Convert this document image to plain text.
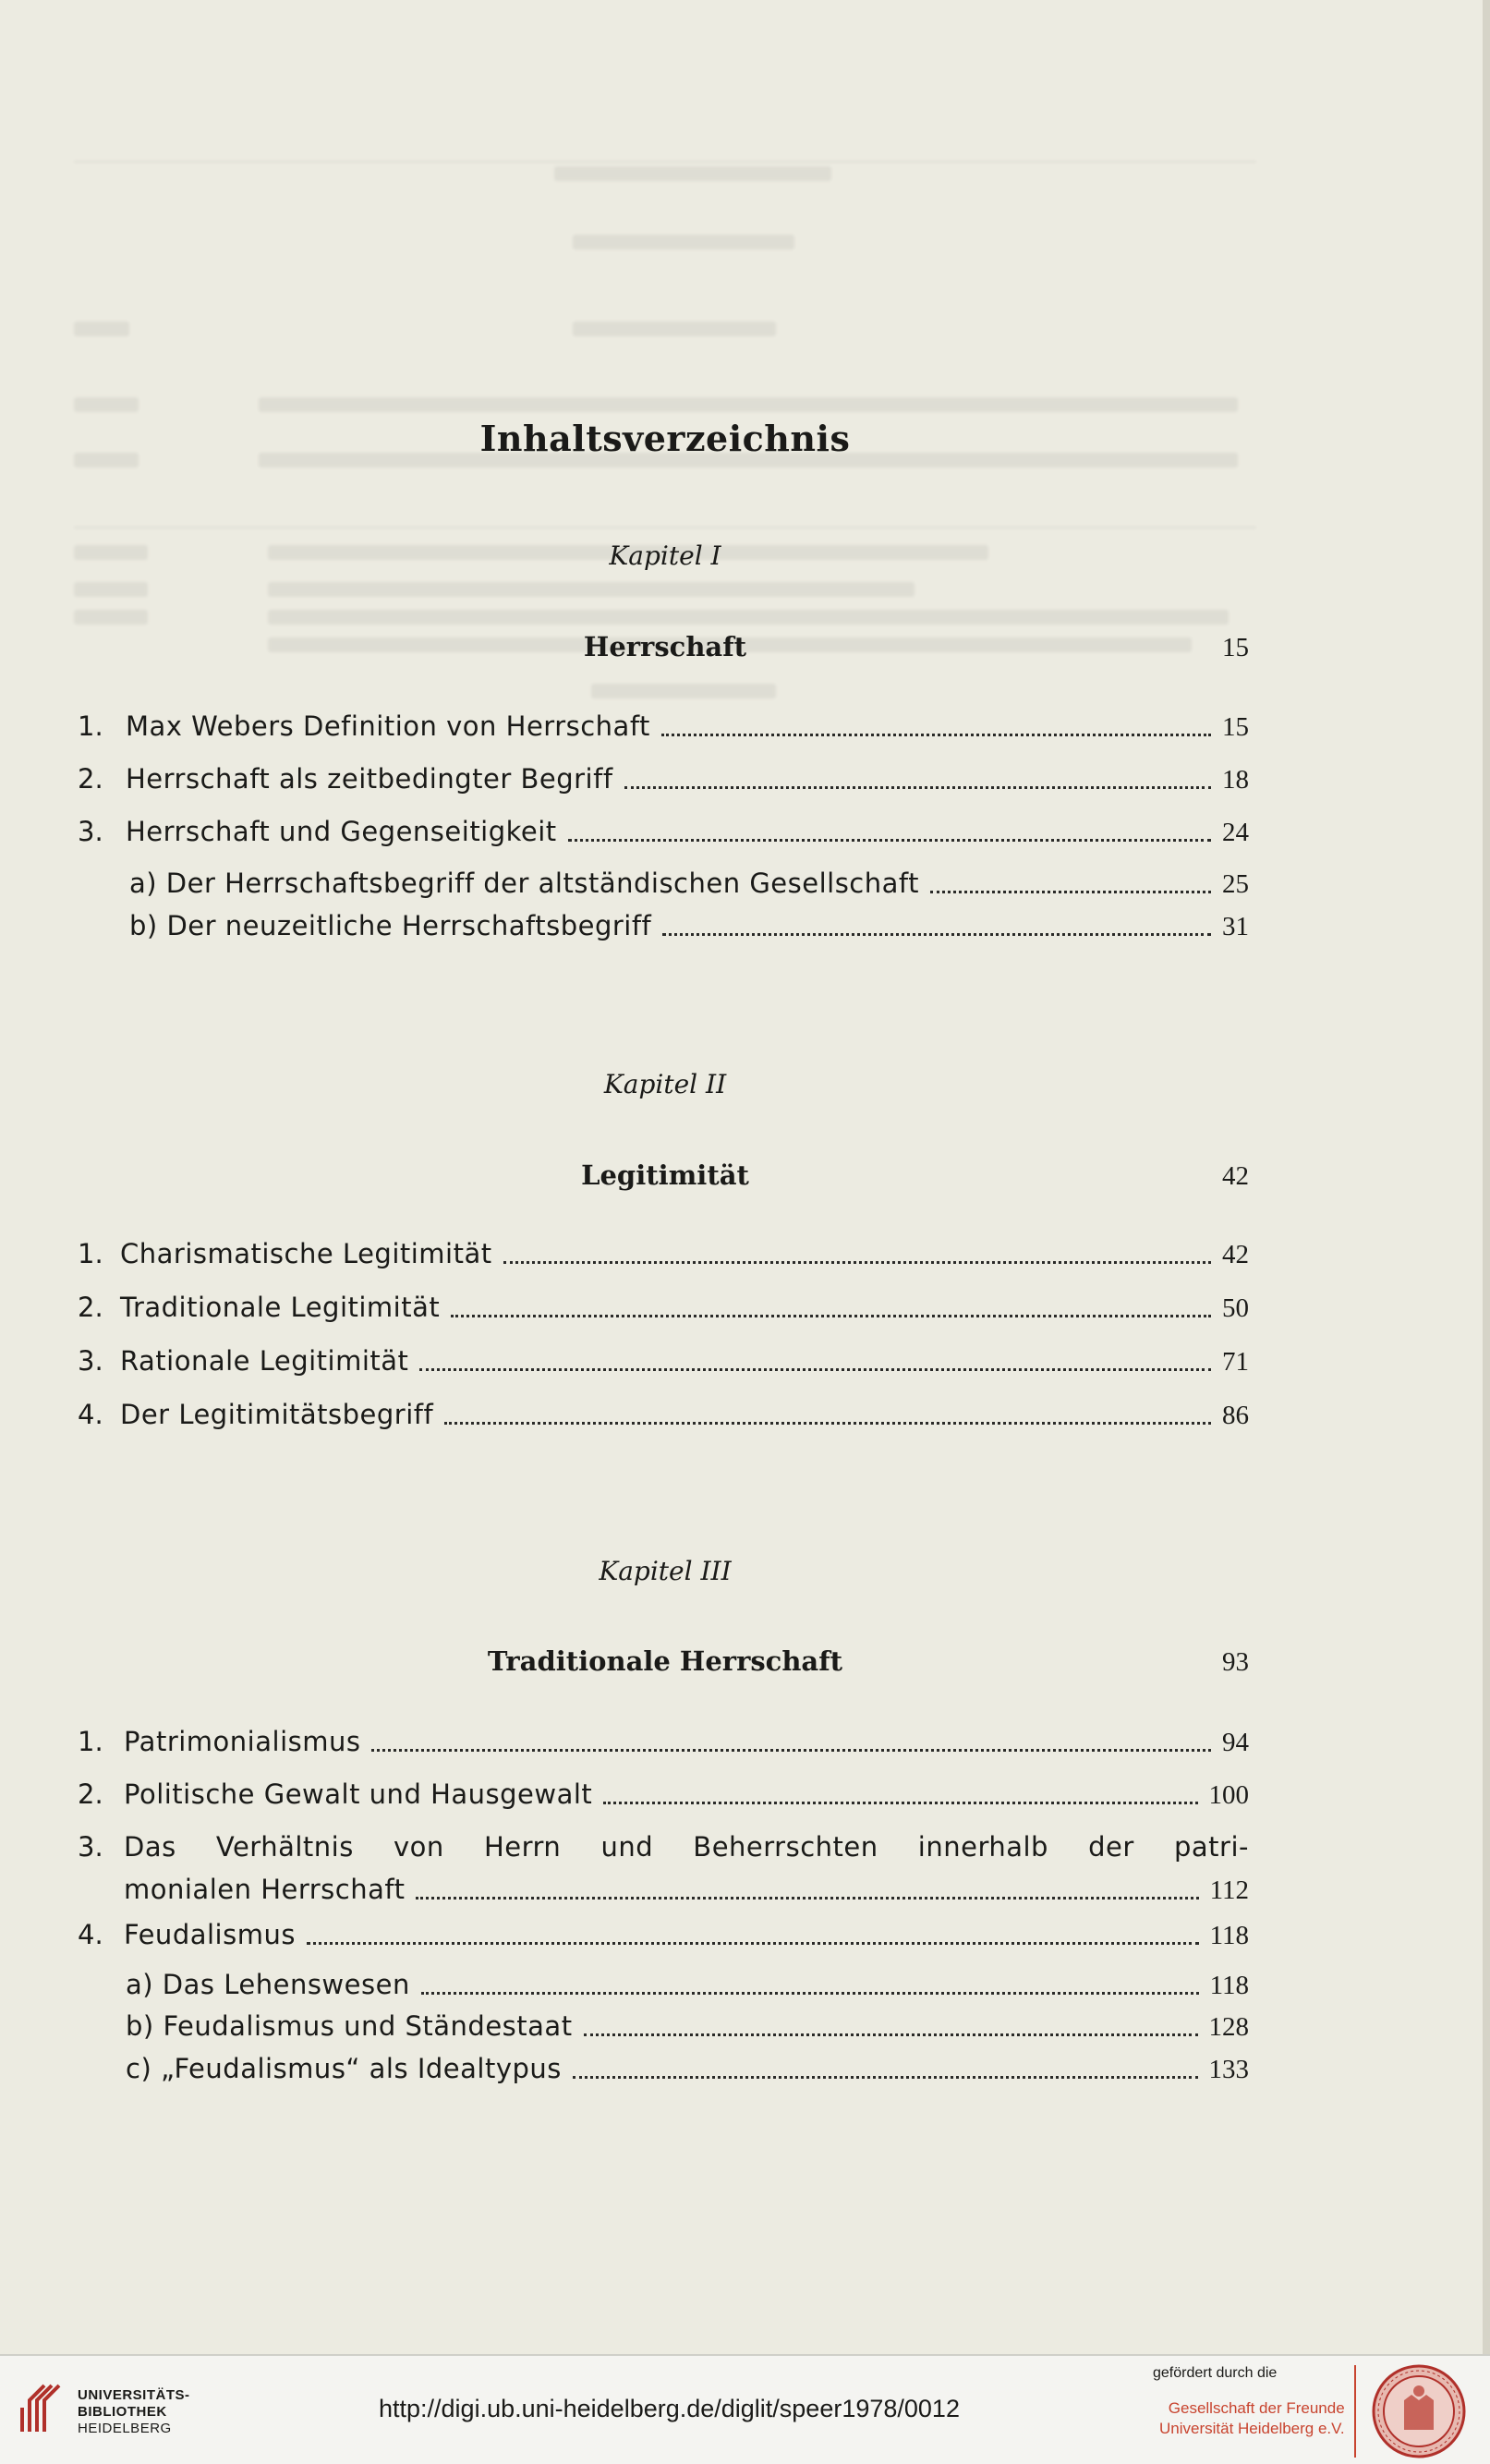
Inhaltsverzeichnis
Kapitel I
Herrschaft	15
1. Max Webers Definition von Herrschaft	15
2. Herrschaft als zeitbedingter Begriff	18
3. Herrschaft und Gegenseitigkeit	24
a) Der Herrschaftsbegriff der altständischen Gesellschaft	25
b) Der neuzeitliche Herrschaftsbegriff	31
Kapitel II
Legitimität	42
1. Charismatische Legitimität	42
2. Traditionale Legitimität	50
3. Rationale Legitimität	71
4. Der Legitimitätsbegriff	86
Kapitel III
Traditionale Herrschaft	93
1. Patrimonialismus	94
2. Politische Gewalt und Hausgewalt	100
3. Das Verhältnis von Herrn und Beherrschten innerhalb der patri-
monialen Herrschaft	112
4. Feudalismus	118
a) Das Lehenswesen	118
b) Feudalismus und Ständestaat	128
c) „Feudalismus“ als Idealtypus	133
UNIVERSITÄTS-
BIBLIOTHEK
HEIDELBERG
http://digi.ub.uni-heidelberg.de/diglit/speer1978/0012
gefördert durch die
Gesellschaft der Freunde
Universität Heidelberg e.V.
